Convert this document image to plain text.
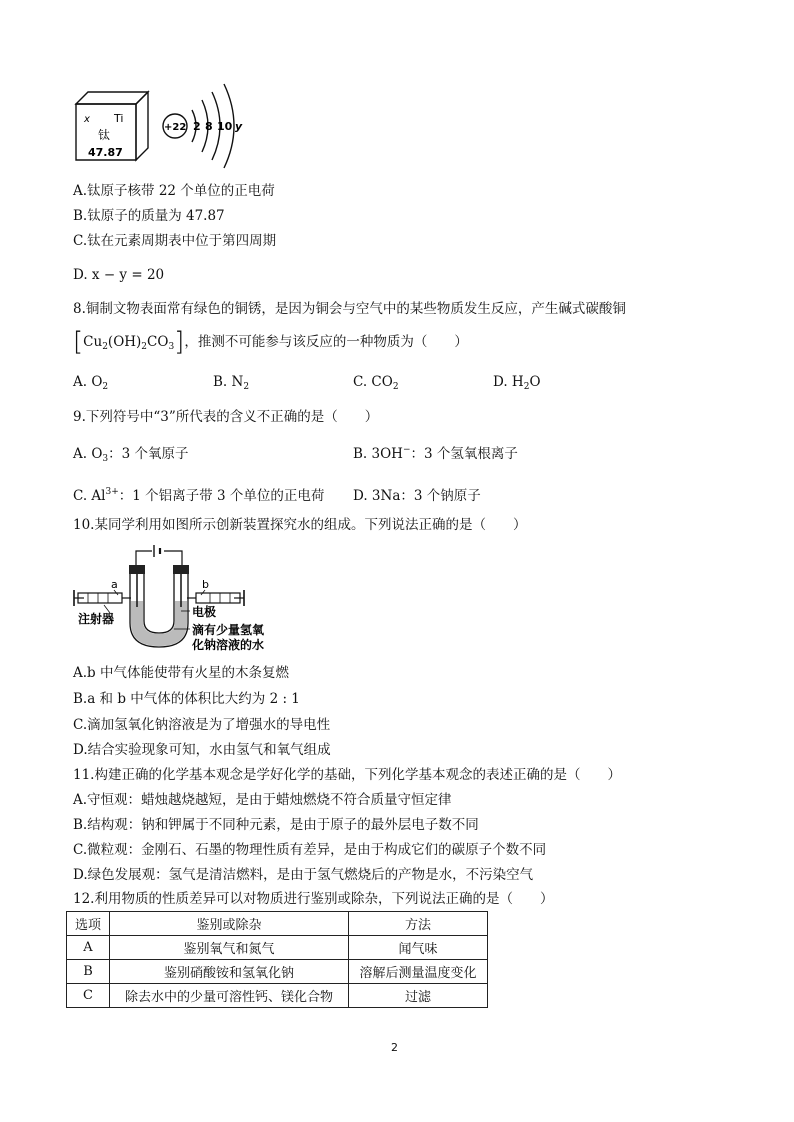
x Ti
钛
47.87
+22 2 8 10 y
A.钛原子核带 22 个单位的正电荷
B.钛原子的质量为 47.87
C.钛在元素周期表中位于第四周期
D. x − y = 20
8.铜制文物表面常有绿色的铜锈，是因为铜会与空气中的某些物质发生反应，产生碱式碳酸铜
$[Cu_2(OH)_2CO_3]$，推测不可能参与该反应的一种物质为（　　）
A. $O_2$	B. $N_2$	C. $CO_2$	D. $H_2O$
9.下列符号中“3”所代表的含义不正确的是（　　）
A. $O_3$：3 个氧原子	B. 3OH−：3 个氢氧根离子
C. $Al^{3+}$：1 个铝离子带 3 个单位的正电荷 D. 3Na：3 个钠原子
10.某同学利用如图所示创新装置探究水的组成。下列说法正确的是（　　）
a	b
注射器	电极
滴有少量氢氧
化钠溶液的水
A.b 中气体能使带有火星的木条复燃
B.a 和 b 中气体的体积比大约为 2 : 1
C.滴加氢氧化钠溶液是为了增强水的导电性
D.结合实验现象可知，水由氢气和氧气组成
11.构建正确的化学基本观念是学好化学的基础，下列化学基本观念的表述正确的是（　　）
A.守恒观：蜡烛越烧越短，是由于蜡烛燃烧不符合质量守恒定律
B.结构观：钠和钾属于不同种元素，是由于原子的最外层电子数不同
C.微粒观：金刚石、石墨的物理性质有差异，是由于构成它们的碳原子个数不同
D.绿色发展观：氢气是清洁燃料，是由于氢气燃烧后的产物是水，不污染空气
12.利用物质的性质差异可以对物质进行鉴别或除杂，下列说法正确的是（　　）
选项	鉴别或除杂	方法
A	鉴别氧气和氮气	闻气味
B	鉴别硝酸铵和氢氧化钠	溶解后测量温度变化
C	除去水中的少量可溶性钙、镁化合物	过滤
2
